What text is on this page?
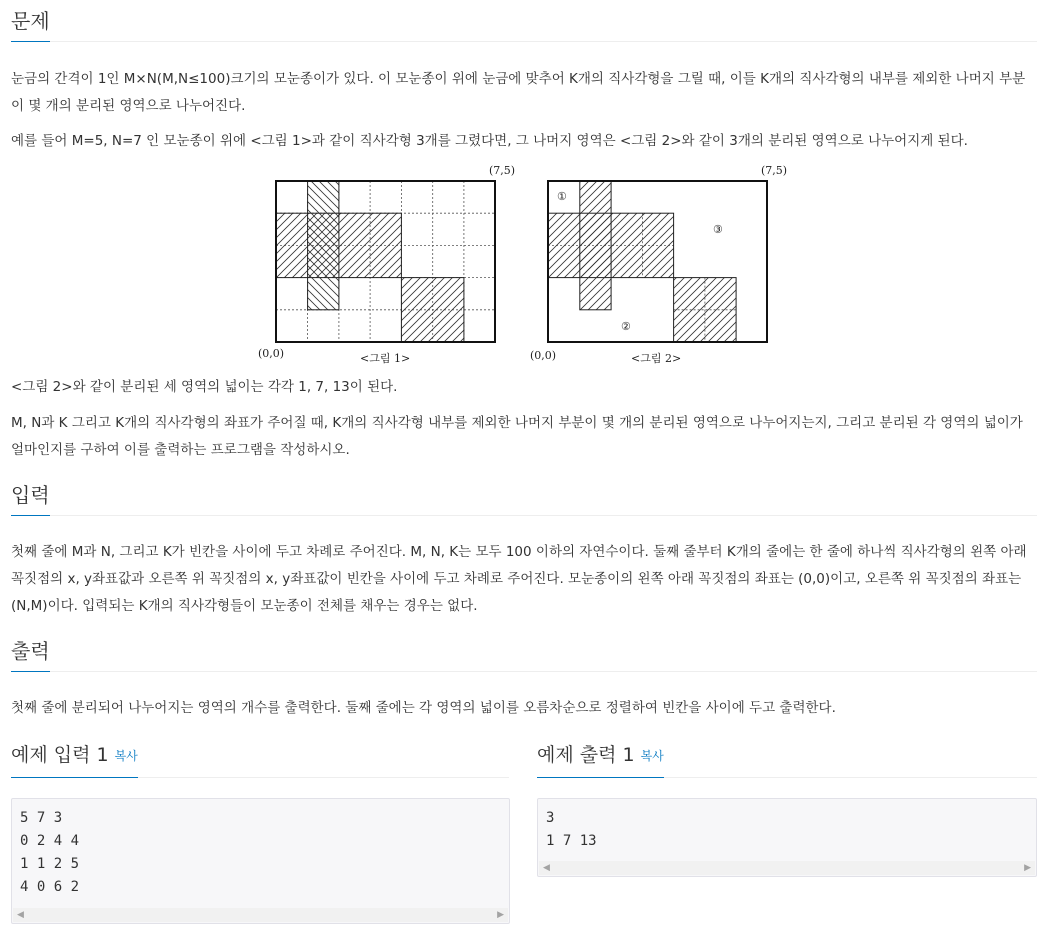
문제

눈금의 간격이 1인 M×N(M,N≤100)크기의 모눈종이가 있다. 이 모눈종이 위에 눈금에 맞추어 K개의 직사각형을 그릴 때, 이들 K개의 직사각형의 내부를 제외한 나머지 부분이 몇 개의 분리된 영역으로 나누어진다.

예를 들어 M=5, N=7 인 모눈종이 위에 <그림 1>과 같이 직사각형 3개를 그렸다면, 그 나머지 영역은 <그림 2>와 같이 3개의 분리된 영역으로 나누어지게 된다.

(7,5)
(0,0)	<그림 1>
(7,5)
(0,0)	<그림 2>
①
③
②

<그림 2>와 같이 분리된 세 영역의 넓이는 각각 1, 7, 13이 된다.

M, N과 K 그리고 K개의 직사각형의 좌표가 주어질 때, K개의 직사각형 내부를 제외한 나머지 부분이 몇 개의 분리된 영역으로 나누어지는지, 그리고 분리된 각 영역의 넓이가 얼마인지를 구하여 이를 출력하는 프로그램을 작성하시오.

입력

첫째 줄에 M과 N, 그리고 K가 빈칸을 사이에 두고 차례로 주어진다. M, N, K는 모두 100 이하의 자연수이다. 둘째 줄부터 K개의 줄에는 한 줄에 하나씩 직사각형의 왼쪽 아래 꼭짓점의 x, y좌표값과 오른쪽 위 꼭짓점의 x, y좌표값이 빈칸을 사이에 두고 차례로 주어진다. 모눈종이의 왼쪽 아래 꼭짓점의 좌표는 (0,0)이고, 오른쪽 위 꼭짓점의 좌표는 (N,M)이다. 입력되는 K개의 직사각형들이 모눈종이 전체를 채우는 경우는 없다.

출력

첫째 줄에 분리되어 나누어지는 영역의 개수를 출력한다. 둘째 줄에는 각 영역의 넓이를 오름차순으로 정렬하여 빈칸을 사이에 두고 출력한다.

예제 입력 1 복사
5 7 3
0 2 4 4
1 1 2 5
4 0 6 2
◀	▶
예제 출력 1 복사
3
1 7 13
◀	▶
